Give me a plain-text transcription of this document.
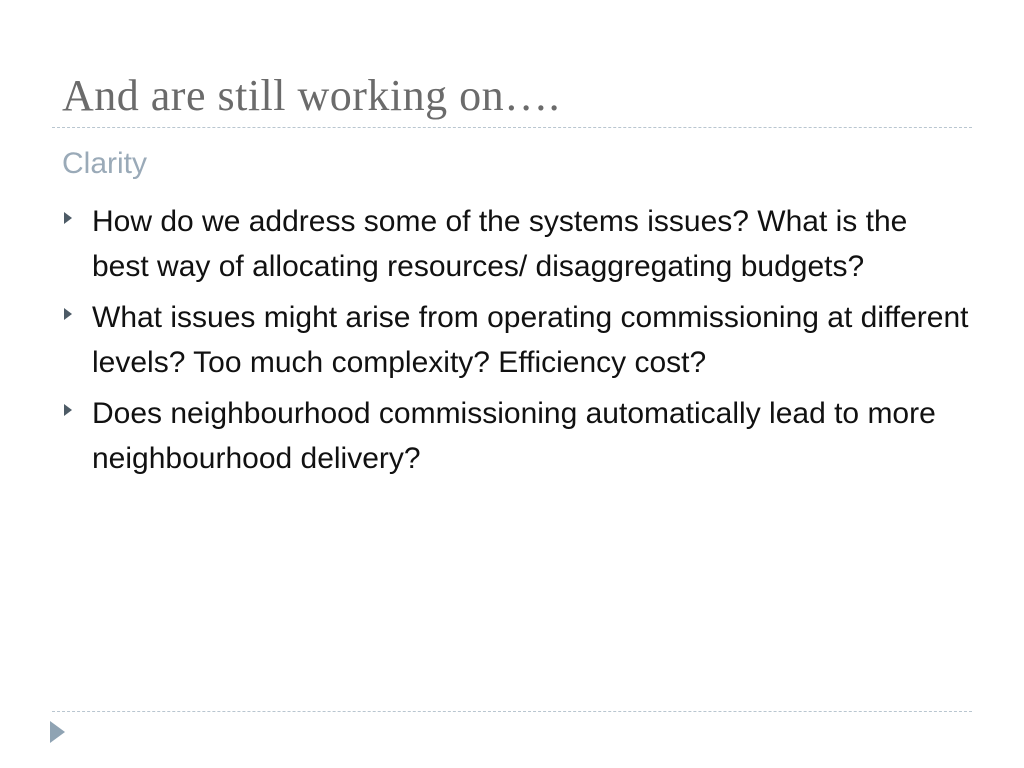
And are still working on….
Clarity
How do we address some of the systems issues? What is the best way of allocating resources/ disaggregating budgets?
What issues might arise from operating commissioning at different levels? Too much complexity? Efficiency cost?
Does neighbourhood commissioning automatically lead to more neighbourhood delivery?
